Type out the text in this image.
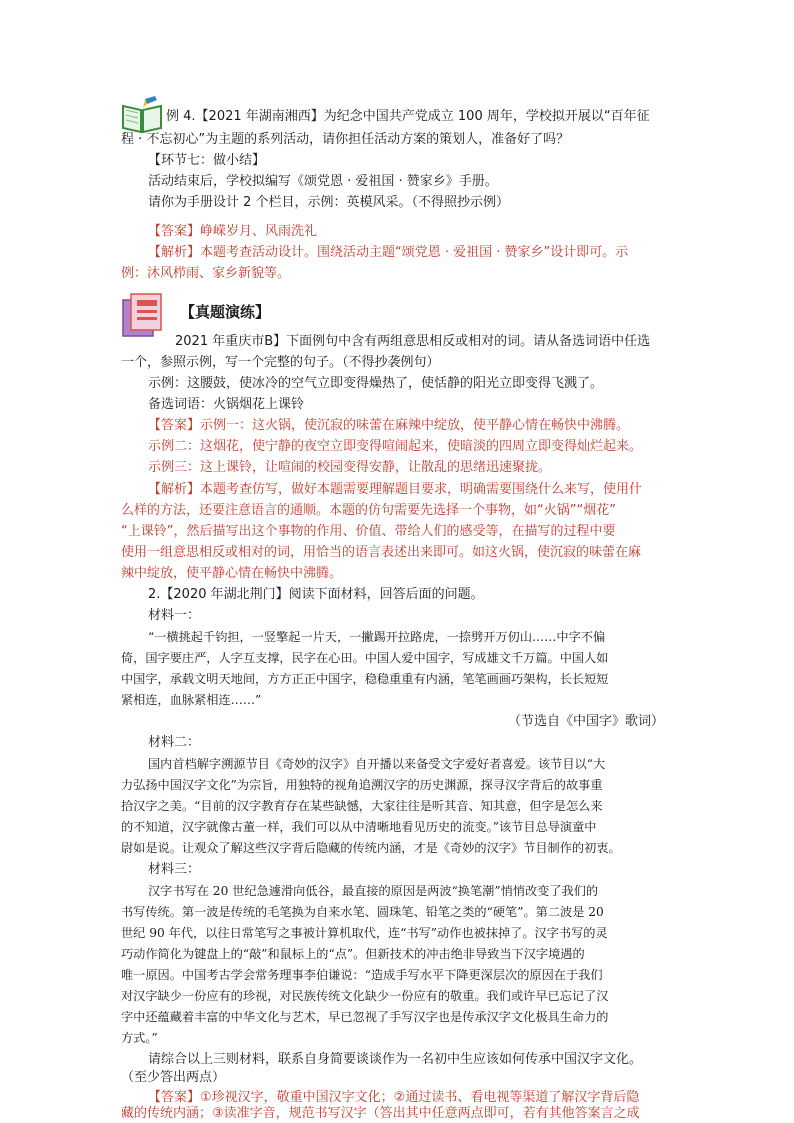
例 4.【2021 年湖南湘西】为纪念中国共产党成立 100 周年，学校拟开展以“百年征
程 · 不忘初心”为主题的系列活动，请你担任活动方案的策划人，准备好了吗？
【环节七：做小结】
活动结束后，学校拟编写《颂党恩 · 爱祖国 · 赞家乡》手册。
请你为手册设计 2 个栏目，示例：英模风采。（不得照抄示例）
【答案】峥嵘岁月、风雨洗礼
【解析】本题考查活动设计。围绕活动主题“颂党恩 · 爱祖国 · 赞家乡”设计即可。示
例：沐风栉雨、家乡新貌等。
【真题演练】
2021 年重庆市B】下面例句中含有两组意思相反或相对的词。请从备选词语中任选
一个，参照示例，写一个完整的句子。（不得抄袭例句）
示例：这腰鼓，使冰冷的空气立即变得燥热了，使恬静的阳光立即变得飞溅了。
备选词语：火锅烟花上课铃
【答案】示例一：这火锅，使沉寂的味蕾在麻辣中绽放，使平静心情在畅快中沸腾。
示例二：这烟花，使宁静的夜空立即变得喧闹起来，使暗淡的四周立即变得灿烂起来。
示例三：这上课铃，让喧闹的校园变得安静，让散乱的思绪迅速聚拢。
【解析】本题考查仿写，做好本题需要理解题目要求，明确需要围绕什么来写，使用什
么样的方法，还要注意语言的通顺。本题的仿句需要先选择一个事物，如“火锅”“烟花”
“上课铃”，然后描写出这个事物的作用、价值、带给人们的感受等，在描写的过程中要
使用一组意思相反或相对的词，用恰当的语言表述出来即可。如这火锅，使沉寂的味蕾在麻
辣中绽放，使平静心情在畅快中沸腾。
2.【2020 年湖北荆门】阅读下面材料，回答后面的问题。
材料一：
“一横挑起千钧担，一竖擎起一片天，一撇踢开拉路虎，一捺劈开万仞山……中字不偏
倚，国字要庄严，人字互支撑，民字在心田。中国人爱中国字，写成雄文千万篇。中国人如
中国字，承载文明天地间，方方正正中国字，稳稳重重有内涵，笔笔画画巧架构，长长短短
紧相连，血脉紧相连……”
（节选自《中国字》歌词）
材料二：
国内首档解字溯源节目《奇妙的汉字》自开播以来备受文字爱好者喜爱。该节目以“大
力弘扬中国汉字文化”为宗旨，用独特的视角追溯汉字的历史渊源，探寻汉字背后的故事重
拾汉字之美。“目前的汉字教育存在某些缺憾，大家往往是听其音、知其意，但字是怎么来
的不知道，汉字就像古董一样，我们可以从中清晰地看见历史的流变。”该节目总导演童中
尉如是说。让观众了解这些汉字背后隐藏的传统内涵，才是《奇妙的汉字》节目制作的初衷。
材料三：
汉字书写在 20 世纪急遽滑向低谷，最直接的原因是两波“换笔潮”悄悄改变了我们的
书写传统。第一波是传统的毛笔换为自来水笔、圆珠笔、铅笔之类的“硬笔”。第二波是 20
世纪 90 年代，以往日常笔写之事被计算机取代，连“书写”动作也被抹掉了。汉字书写的灵
巧动作简化为键盘上的“敲”和鼠标上的“点”。但新技术的冲击绝非导致当下汉字境遇的
唯一原因。中国考古学会常务理事李伯谦说：“造成手写水平下降更深层次的原因在于我们
对汉字缺少一份应有的珍视，对民族传统文化缺少一份应有的敬重。我们或许早已忘记了汉
字中还蕴藏着丰富的中华文化与艺术，早已忽视了手写汉字也是传承汉字文化极具生命力的
方式。”
请综合以上三则材料，联系自身简要谈谈作为一名初中生应该如何传承中国汉字文化。
（至少答出两点）
【答案】①珍视汉字，敬重中国汉字文化；②通过读书、看电视等渠道了解汉字背后隐
藏的传统内涵；③读准字音，规范书写汉字（答出其中任意两点即可，若有其他答案言之成
